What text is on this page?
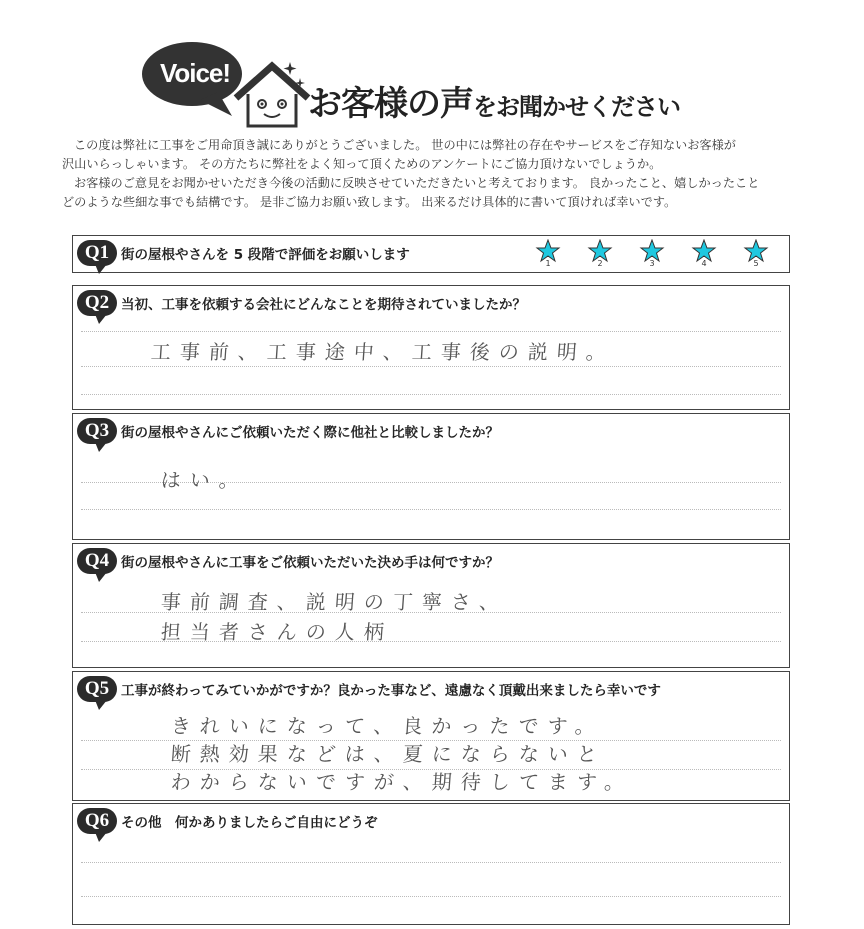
Voice!
お客様の声をお聞かせください

この度は弊社に工事をご用命頂き誠にありがとうございました。 世の中には弊社の存在やサービスをご存知ないお客様が

沢山いらっしゃいます。 その方たちに弊社をよく知って頂くためのアンケートにご協力頂けないでしょうか。

お客様のご意見をお聞かせいただき今後の活動に反映させていただきたいと考えております。 良かったこと、嬉しかったこと

どのような些細な事でも結構です。 是非ご協力お願い致します。 出来るだけ具体的に書いて頂ければ幸いです。

Q1 街の屋根やさんを 5 段階で評価をお願いします
1	2	3	4	5
Q2 当初、工事を依頼する会社にどんなことを期待されていましたか？
工事前、工事途中、工事後の説明。
Q3 街の屋根やさんにご依頼いただく際に他社と比較しましたか？
はい。
Q4 街の屋根やさんに工事をご依頼いただいた決め手は何ですか？
事前調査、説明の丁寧さ、
担当者さんの人柄
Q5 工事が終わってみていかがですか？良かった事など、遠慮なく頂戴出来ましたら幸いです
きれいになって、良かったです。
断熱効果などは、夏にならないと
わからないですが、期待してます。
Q6 その他　何かありましたらご自由にどうぞ
